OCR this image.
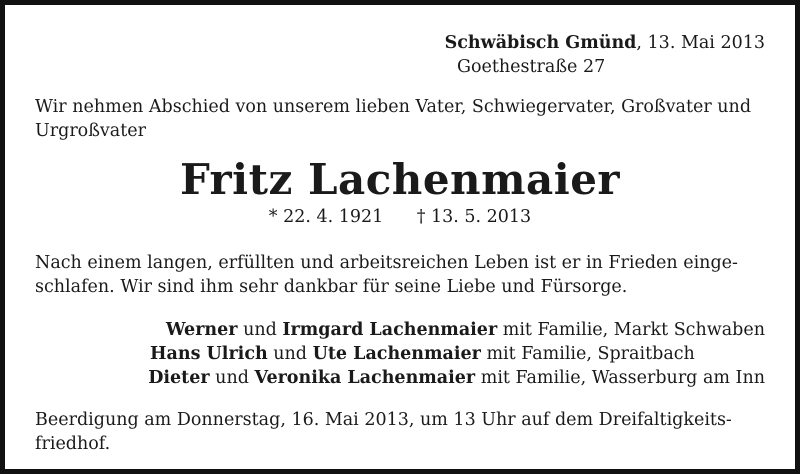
Schwäbisch Gmünd, 13. Mai 2013
Goethestraße 27
Wir nehmen Abschied von unserem lieben Vater, Schwiegervater, Großvater und
Urgroßvater
Fritz Lachenmaier
* 22. 4. 1921 † 13. 5. 2013
Nach einem langen, erfüllten und arbeitsreichen Leben ist er in Frieden einge-
schlafen. Wir sind ihm sehr dankbar für seine Liebe und Fürsorge.
Werner und Irmgard Lachenmaier mit Familie, Markt Schwaben
Hans Ulrich und Ute Lachenmaier mit Familie, Spraitbach
Dieter und Veronika Lachenmaier mit Familie, Wasserburg am Inn
Beerdigung am Donnerstag, 16. Mai 2013, um 13 Uhr auf dem Dreifaltigkeits-
friedhof.
